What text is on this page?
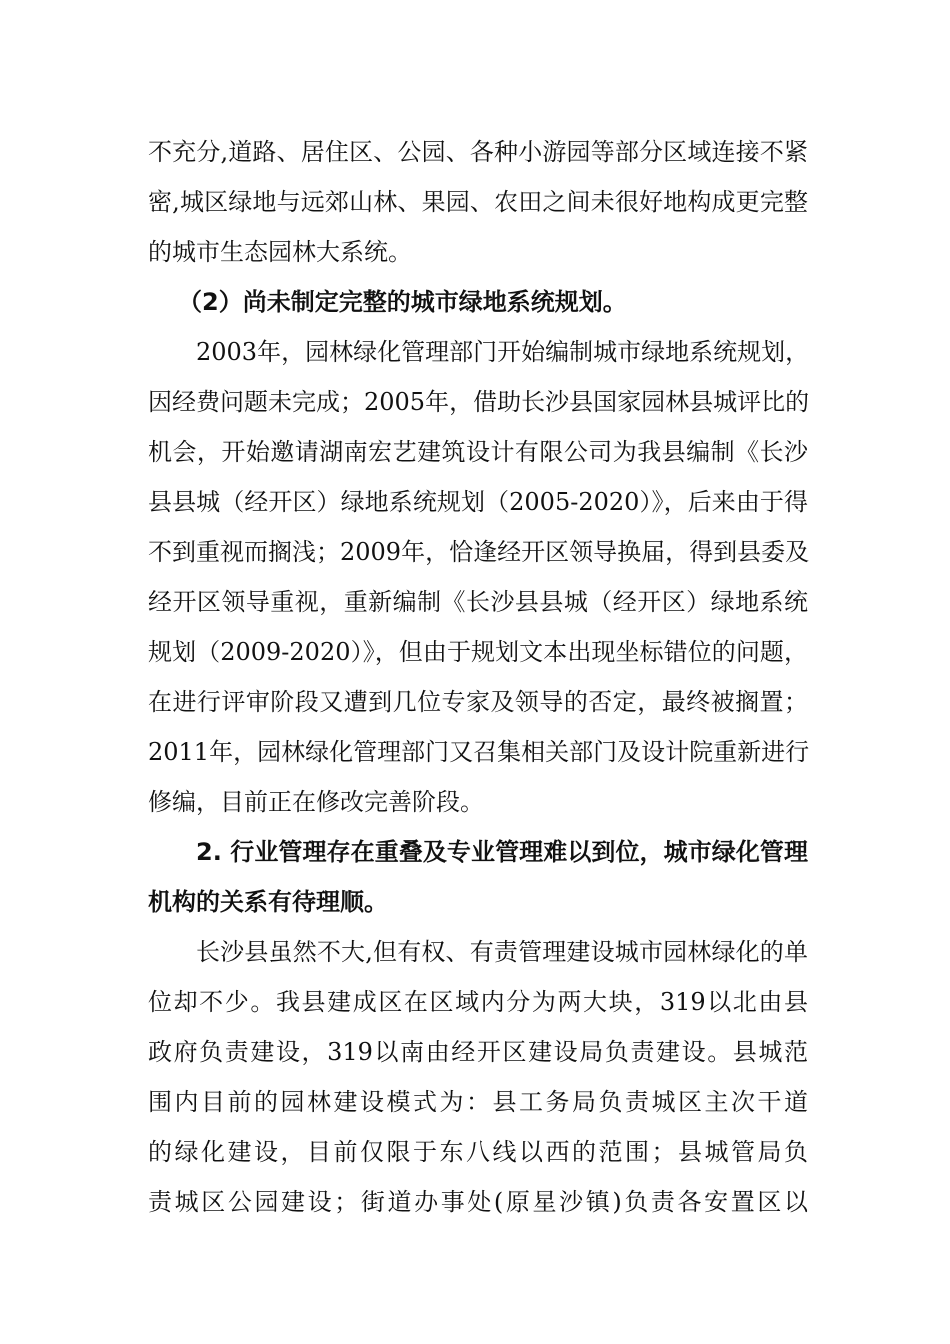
不充分,道路、居住区、公园、各种小游园等部分区域连接不紧
密,城区绿地与远郊山林、果园、农田之间未很好地构成更完整
的城市生态园林大系统。
（2）尚未制定完整的城市绿地系统规划。
2003年，园林绿化管理部门开始编制城市绿地系统规划，
因经费问题未完成；2005年，借助长沙县国家园林县城评比的
机会，开始邀请湖南宏艺建筑设计有限公司为我县编制《长沙
县县城（经开区）绿地系统规划（2005-2020）》，后来由于得
不到重视而搁浅；2009年，恰逢经开区领导换届，得到县委及
经开区领导重视，重新编制《长沙县县城（经开区）绿地系统
规划（2009-2020）》，但由于规划文本出现坐标错位的问题，
在进行评审阶段又遭到几位专家及领导的否定，最终被搁置；
2011年，园林绿化管理部门又召集相关部门及设计院重新进行
修编，目前正在修改完善阶段。
2. 行业管理存在重叠及专业管理难以到位，城市绿化管理
机构的关系有待理顺。
长沙县虽然不大,但有权、有责管理建设城市园林绿化的单
位却不少。我县建成区在区域内分为两大块，319以北由县
政府负责建设，319以南由经开区建设局负责建设。县城范
围内目前的园林建设模式为：县工务局负责城区主次干道
的绿化建设，目前仅限于东八线以西的范围；县城管局负
责城区公园建设；街道办事处(原星沙镇)负责各安置区以
